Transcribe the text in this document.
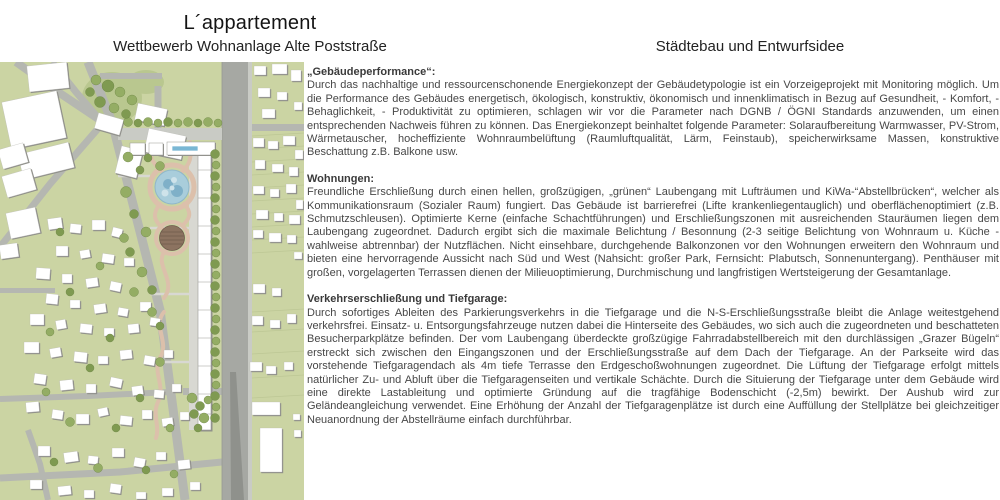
L´appartement
Wettbewerb Wohnanlage Alte Poststraße	Städtebau und Entwurfsidee

„Gebäudeperformance“:

Durch das nachhaltige und ressourcenschonende Energiekonzept der Gebäudetypologie ist ein Vorzeigeprojekt mit Monitoring möglich. Um die Performance des Gebäudes energetisch, ökologisch, konstruktiv, ökonomisch und innenklimatisch in Bezug auf Gesundheit, - Komfort, - Behaglichkeit, - Produktivität zu optimieren, schlagen wir vor die Parameter nach DGNB / ÖGNI Standards anzuwenden, um einen entsprechenden Nachweis führen zu können. Das Energiekonzept beinhaltet folgende Parameter: Solaraufbereitung Warmwasser, PV-Strom, Wärmetauscher, hocheffiziente Wohnraumbelüftung (Raumluftqualität, Lärm, Feinstaub), speicherwirksame Massen, konstruktive Beschattung z.B. Balkone usw.

Wohnungen:

Freundliche Erschließung durch einen hellen, großzügigen, „grünen“ Laubengang mit Lufträumen und KiWa-“Abstellbrücken“, welcher als Kommunikationsraum (Sozialer Raum) fungiert. Das Gebäude ist barrierefrei (Lifte krankenliegentauglich) und oberflächenoptimiert (z.B. Schmutzschleusen). Optimierte Kerne (einfache Schachtführungen) und Erschließungszonen mit ausreichenden Stauräumen liegen dem Laubengang zugeordnet. Dadurch ergibt sich die maximale Belichtung / Besonnung (2-3 seitige Belichtung von Wohnraum u. Küche - wahlweise abtrennbar) der Nutzflächen. Nicht einsehbare, durchgehende Balkonzonen vor den Wohnungen erweitern den Wohnraum und bieten eine hervorragende Aussicht nach Süd und West (Nahsicht: großer Park, Fernsicht: Plabutsch, Sonnenuntergang). Penthäuser mit großen, vorgelagerten Terrassen dienen der Milieuoptimierung, Durchmischung und langfristigen Wertsteigerung der Gesamtanlage.

Verkehrserschließung und Tiefgarage:

Durch sofortiges Ableiten des Parkierungsverkehrs in die Tiefgarage und die N-S-Erschließungsstraße bleibt die Anlage weitestgehend verkehrsfrei. Einsatz- u. Entsorgungsfahrzeuge nutzen dabei die Hinterseite des Gebäudes, wo sich auch die zugeordneten und beschatteten Besucherparkplätze befinden. Der vom Laubengang überdeckte großzügige Fahrradabstellbereich mit den durchlässigen „Grazer Bügeln“ erstreckt sich zwischen den Eingangszonen und der Erschließungsstraße auf dem Dach der Tiefgarage. An der Parkseite wird das vorstehende Tiefgaragendach als 4m tiefe Terrasse den Erdgeschoßwohnungen zugeordnet. Die Lüftung der Tiefgarage erfolgt mittels natürlicher Zu- und Abluft über die Tiefgaragenseiten und vertikale Schächte. Durch die Situierung der Tiefgarage unter dem Gebäude wird eine direkte Lastableitung und optimierte Gründung auf die tragfähige Bodenschicht (-2,5m) bewirkt. Der Aushub wird zur Geländeangleichung verwendet. Eine Erhöhung der Anzahl der Tiefgaragenplätze ist durch eine Auffüllung der Stellplätze bei gleichzeitiger Neuanordnung der Abstellräume einfach durchführbar.
